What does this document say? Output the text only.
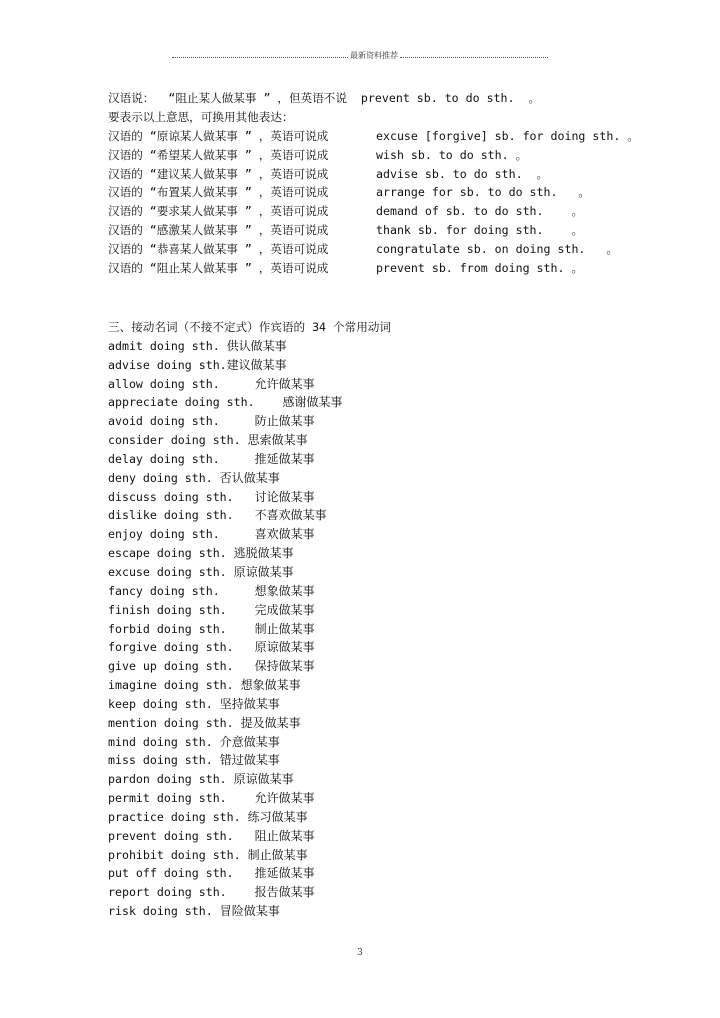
最新资料推荐
汉语说：  “阻止某人做某事 ” ，但英语不说  prevent sb. to do sth.  。
要表示以上意思，可换用其他表达：
汉语的 “原谅某人做某事 ” ，英语可说成	excuse [forgive] sb. for doing sth. 。
汉语的 “希望某人做某事 ” ，英语可说成	wish sb. to do sth. 。
汉语的 “建议某人做某事 ” ，英语可说成	advise sb. to do sth.  。
汉语的 “布置某人做某事 ” ，英语可说成	arrange for sb. to do sth.   。
汉语的 “要求某人做某事 ” ，英语可说成	demand of sb. to do sth.    。
汉语的 “感激某人做某事 ” ，英语可说成	thank sb. for doing sth.    。
汉语的 “恭喜某人做某事 ” ，英语可说成	congratulate sb. on doing sth.   。
汉语的 “阻止某人做某事 ” ，英语可说成	prevent sb. from doing sth. 。
三、接动名词（不接不定式）作宾语的 34 个常用动词
admit doing sth. 供认做某事
advise doing sth.建议做某事
allow doing sth.     允许做某事
appreciate doing sth.    感谢做某事
avoid doing sth.     防止做某事
consider doing sth. 思索做某事
delay doing sth.     推延做某事
deny doing sth. 否认做某事
discuss doing sth.   讨论做某事
dislike doing sth.   不喜欢做某事
enjoy doing sth.     喜欢做某事
escape doing sth. 逃脱做某事
excuse doing sth. 原谅做某事
fancy doing sth.     想象做某事
finish doing sth.    完成做某事
forbid doing sth.    制止做某事
forgive doing sth.   原谅做某事
give up doing sth.   保持做某事
imagine doing sth. 想象做某事
keep doing sth. 坚持做某事
mention doing sth. 提及做某事
mind doing sth. 介意做某事
miss doing sth. 错过做某事
pardon doing sth. 原谅做某事
permit doing sth.    允许做某事
practice doing sth. 练习做某事
prevent doing sth.   阻止做某事
prohibit doing sth. 制止做某事
put off doing sth.   推延做某事
report doing sth.    报告做某事
risk doing sth. 冒险做某事
3
